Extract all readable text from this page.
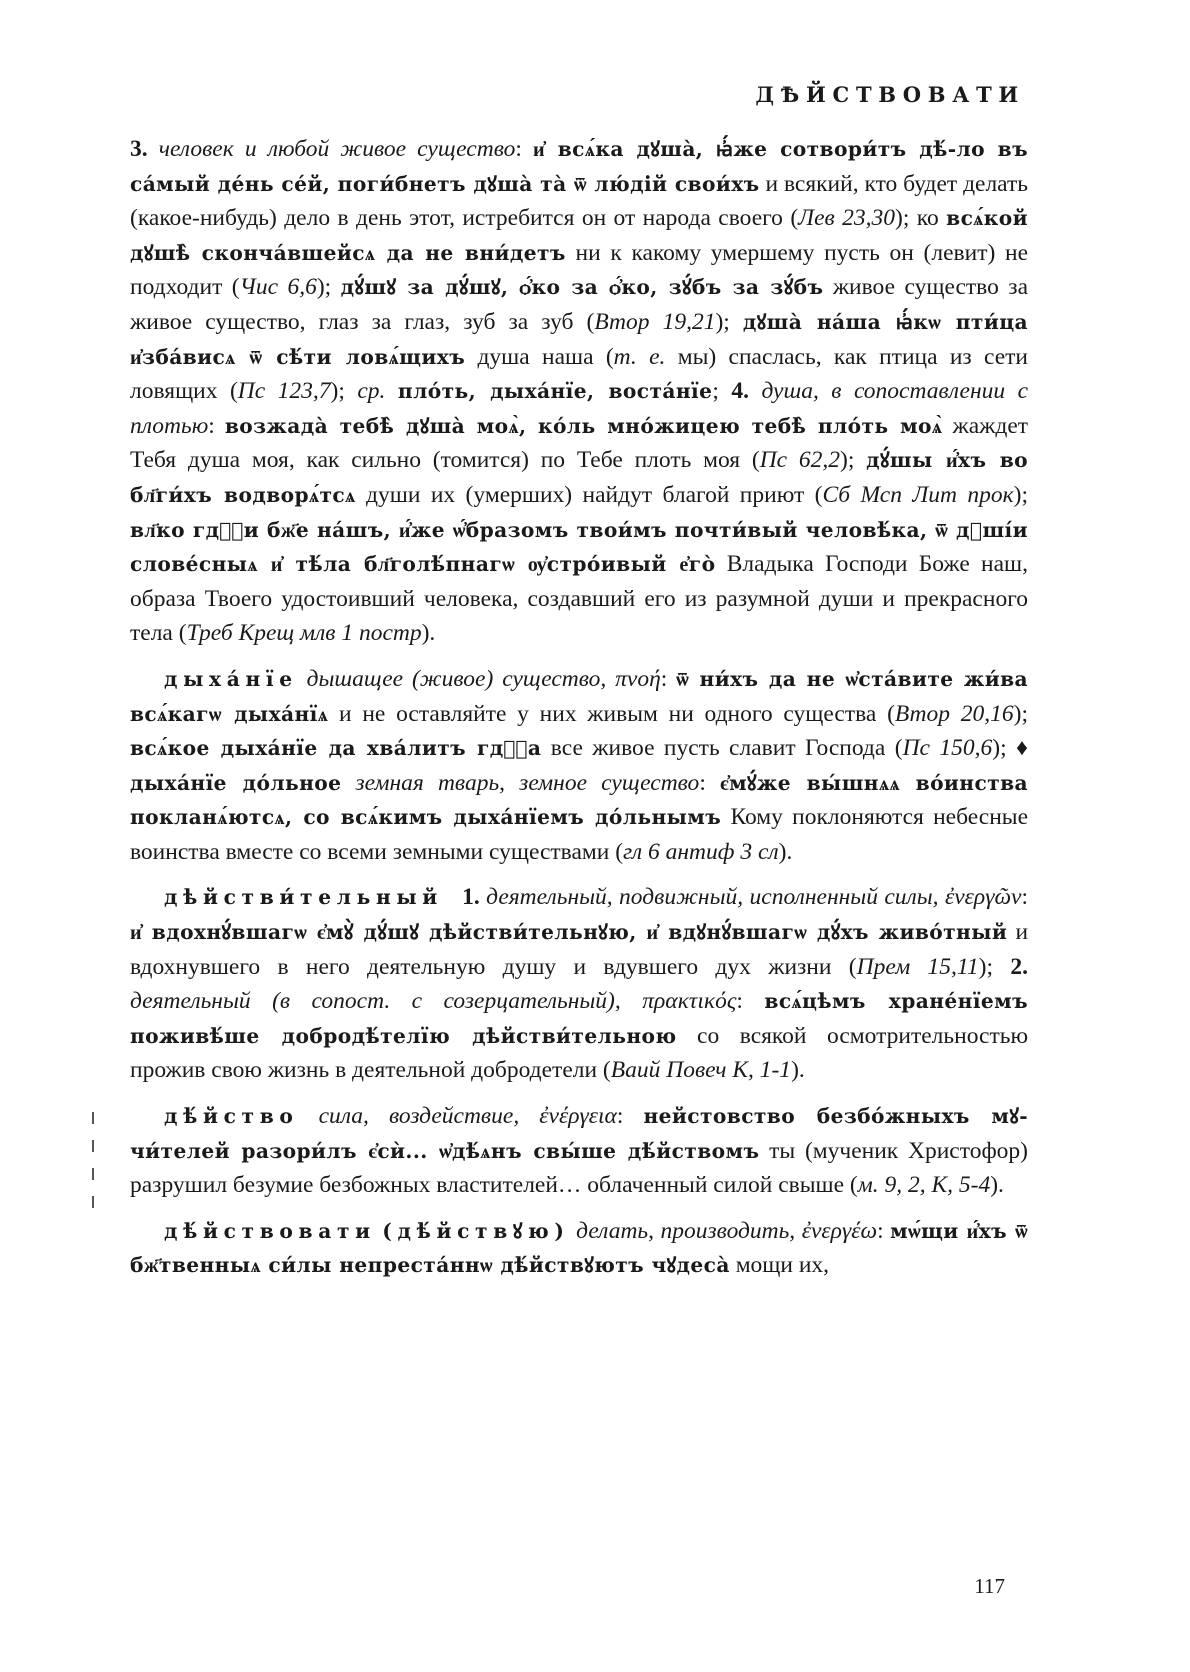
ДѢЙСТВОВАТИ

3. человек и любой живое существо: и҆ всѧ́ка дꙋша̀, ꙗ҆́же сотвори́тъ дѣ́-ло въ са́мый де́нь се́й, поги́бнетъ дꙋша̀ та̀ ѿ лю́дій свои́хъ и всякий, кто будет делать (какое-нибудь) дело в день этот, истребится он от народа своего (Лев 23,30); ко всѧ́кой дꙋшѣ̀ сконча́вшейсѧ да не вни́детъ ни к какому умершему пусть он (левит) не подходит (Чис 6,6); дꙋ́шꙋ за дꙋ́шꙋ, ѻ҆́ко за ѻ҆́ко, зꙋ́бъ за зꙋ́бъ живое существо за живое существо, глаз за глаз, зуб за зуб (Втор 19,21); дꙋша̀ на́ша ꙗ҆́кѡ пти́ца и҆зба́висѧ ѿ сѣ́ти ловѧ́щихъ душа наша (т. е. мы) спаслась, как птица из сети ловящих (Пс 123,7); ср. пло́ть, дыха́нїе, воста́нїе; 4. душа, в сопоставлении с плотью: возжада̀ тебѣ̀ дꙋша̀ моѧ̀, ко́ль мно́жицею тебѣ̀ пло́ть моѧ̀ жаждет Тебя душа моя, как сильно (томится) по Тебе плоть моя (Пс 62,2); дꙋ́шы и҆́хъ во бл҃ги́хъ водворѧ́тсѧ души их (умерших) найдут благой приют (Сб Мсп Лит прок); вл҃ко гдⷭ҇и бж҃е на́шъ, и҆́же ѡ҆́бразомъ твои́мъ почти́вый человѣ́ка, ѿ дꙋші́и слове́сныѧ и҆ тѣ́ла бл҃голѣ́пнагѡ ѹ҆стро́ивый е҆го̀ Владыка Господи Боже наш, образа Твоего удостоивший человека, создавший его из разумной души и прекрасного тела (Треб Крещ млв 1 постр).

дыха́нїе дышащее (живое) существо, πνοή: ѿ ни́хъ да не ѡ҆ста́вите жи́ва всѧ́кагѡ дыха́нїѧ и не оставляйте у них живым ни одного существа (Втор 20,16); всѧ́кое дыха́нїе да хва́литъ гдⷭ҇а все живое пусть славит Господа (Пс 150,6); ♦ дыха́нїе до́льное земная тварь, земное существо: є҆мꙋ́же вы́шнѧѧ во́инства покланѧ́ютсѧ, со всѧ́кимъ дыха́нїемъ до́льнымъ Кому поклоняются небесные воинства вместе со всеми земными существами (гл 6 антиф 3 сл).

дѣйстви́тельный 1. деятельный, подвижный, исполненный силы, ἐνεργῶν: и҆ вдохнꙋ́вшагѡ є҆мꙋ̀ дꙋ́шꙋ дѣйстви́тельнꙋю, и҆ вдꙋнꙋ́вшагѡ дꙋ́хъ живо́тный и вдохнувшего в него деятельную душу и вдувшего дух жизни (Прем 15,11); 2. деятельный (в сопост. с созерцательный), πρακτικός: всѧ́цѣмъ хране́нїемъ поживѣ́ше добродѣ́телїю дѣйстви́тельною со всякой осмотрительностью прожив свою жизнь в деятельной добродетели (Ваий Повеч К, 1-1).

дѣ́йство сила, воздействие, ἐνέργεια: нейстовство безбо́жныхъ мꙋ-чи́телей разори́лъ є҆сѝ... ѡ҆дѣ́ѧнъ свы́ше дѣ́йствомъ ты (мученик Христофор) разрушил безумие безбожных властителей… облаченный силой свыше (м. 9, 2, К, 5-4).

дѣ́йствовати (дѣ́йствꙋю) делать, производить, ἐνεργέω: мѡ́щи и҆́хъ ѿ бж҃твенныѧ си́лы непреста́ннѡ дѣ́йствꙋютъ чꙋдеса̀ мощи их,

117
